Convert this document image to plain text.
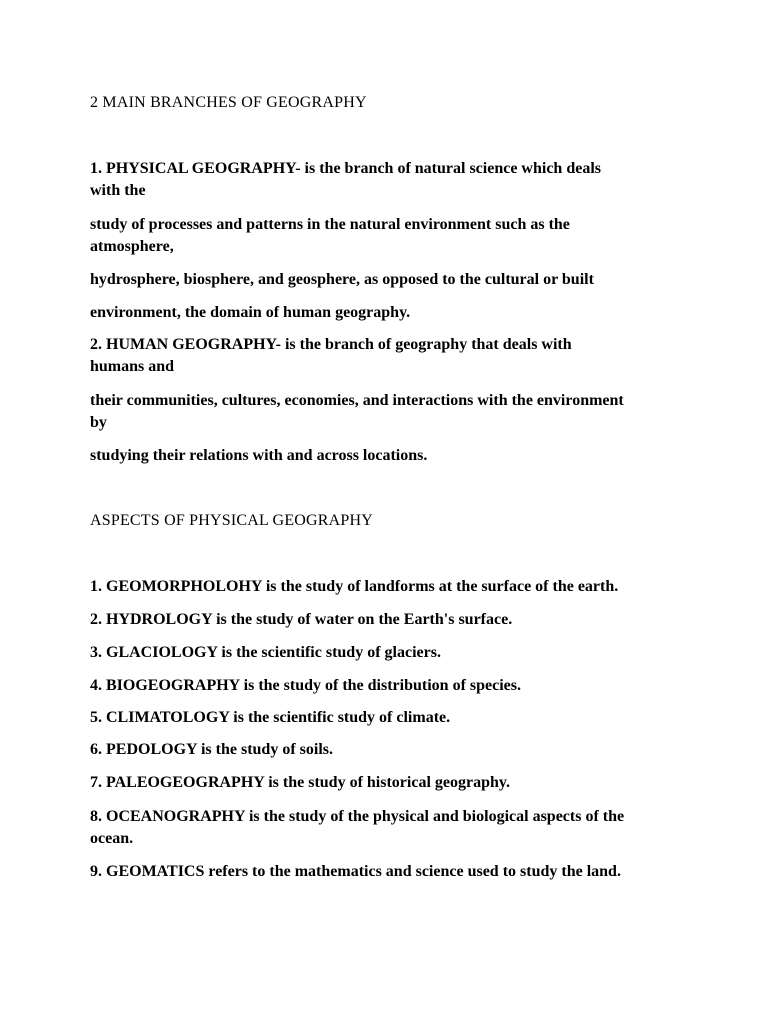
2 MAIN BRANCHES OF GEOGRAPHY
1. PHYSICAL GEOGRAPHY- is the branch of natural science which deals
with the
study of processes and patterns in the natural environment such as the
atmosphere,
hydrosphere, biosphere, and geosphere, as opposed to the cultural or built
environment, the domain of human geography.
2. HUMAN GEOGRAPHY- is the branch of geography that deals with
humans and
their communities, cultures, economies, and interactions with the environment
by
studying their relations with and across locations.
ASPECTS OF PHYSICAL GEOGRAPHY
1. GEOMORPHOLOHY is the study of landforms at the surface of the earth.
2. HYDROLOGY is the study of water on the Earth's surface.
3. GLACIOLOGY is the scientific study of glaciers.
4. BIOGEOGRAPHY is the study of the distribution of species.
5. CLIMATOLOGY is the scientific study of climate.
6. PEDOLOGY is the study of soils.
7. PALEOGEOGRAPHY is the study of historical geography.
8. OCEANOGRAPHY is the study of the physical and biological aspects of the
ocean.
9. GEOMATICS refers to the mathematics and science used to study the land.
